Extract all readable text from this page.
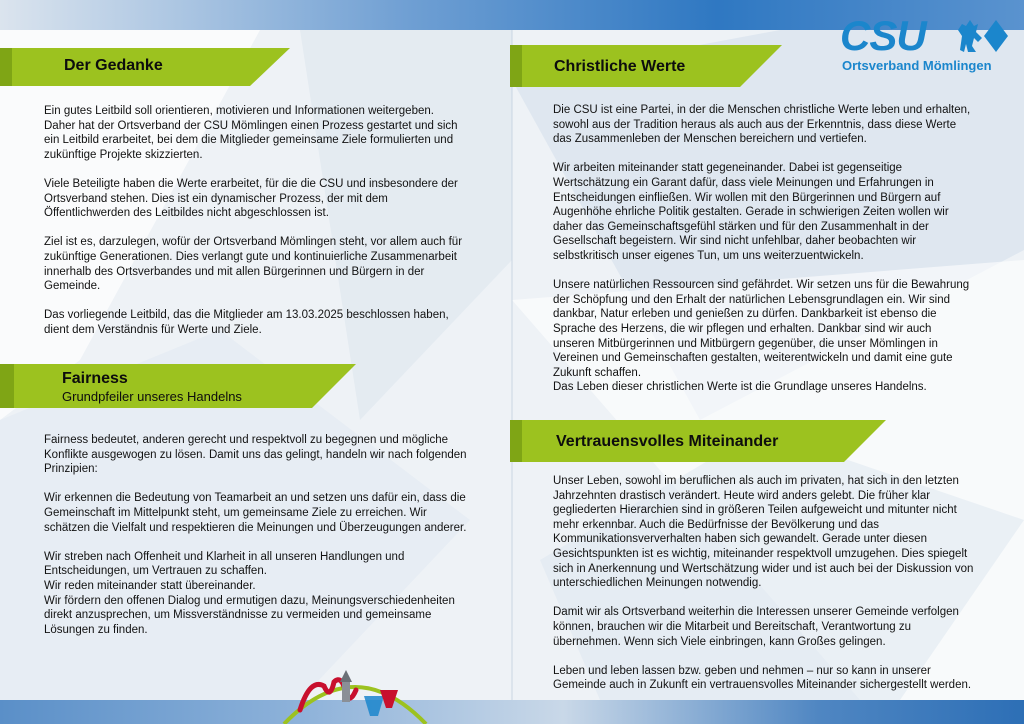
CSU
Ortsverband Mömlingen
Der Gedanke

Ein gutes Leitbild soll orientieren, motivieren und Informationen weitergeben. Daher hat der Ortsverband der CSU Mömlingen einen Prozess gestartet und sich ein Leitbild erarbeitet, bei dem die Mitglieder gemeinsame Ziele formulierten und zukünftige Projekte skizzierten.

Viele Beteiligte haben die Werte erarbeitet, für die die CSU und insbesondere der Ortsverband stehen. Dies ist ein dynamischer Prozess, der mit dem Öffentlichwerden des Leitbildes nicht abgeschlossen ist.

Ziel ist es, darzulegen, wofür der Ortsverband Mömlingen steht, vor allem auch für zukünftige Generationen. Dies verlangt gute und kontinuierliche Zusammenarbeit innerhalb des Ortsverbandes und mit allen Bürgerinnen und Bürgern in der Gemeinde.

Das vorliegende Leitbild, das die Mitglieder am 13.03.2025 beschlossen haben, dient dem Verständnis für Werte und Ziele.

Fairness
Grundpfeiler unseres Handelns

Fairness bedeutet, anderen gerecht und respektvoll zu begegnen und mögliche Konflikte ausgewogen zu lösen. Damit uns das gelingt, handeln wir nach folgenden Prinzipien:

Wir erkennen die Bedeutung von Teamarbeit an und setzen uns dafür ein, dass die Gemeinschaft im Mittelpunkt steht, um gemeinsame Ziele zu erreichen. Wir schätzen die Vielfalt und respektieren die Meinungen und Überzeugungen anderer.

Wir streben nach Offenheit und Klarheit in all unseren Handlungen und Entscheidungen, um Vertrauen zu schaffen.

Wir reden miteinander statt übereinander.

Wir fördern den offenen Dialog und ermutigen dazu, Meinungsverschiedenheiten direkt anzusprechen, um Missverständnisse zu vermeiden und gemeinsame Lösungen zu finden.

Christliche Werte

Die CSU ist eine Partei, in der die Menschen christliche Werte leben und erhalten, sowohl aus der Tradition heraus als auch aus der Erkenntnis, dass diese Werte das Zusammenleben der Menschen bereichern und vertiefen.

Wir arbeiten miteinander statt gegeneinander. Dabei ist gegenseitige Wertschätzung ein Garant dafür, dass viele Meinungen und Erfahrungen in Entscheidungen einfließen. Wir wollen mit den Bürgerinnen und Bürgern auf Augenhöhe ehrliche Politik gestalten. Gerade in schwierigen Zeiten wollen wir daher das Gemeinschaftsgefühl stärken und für den Zusammenhalt in der Gesellschaft begeistern. Wir sind nicht unfehlbar, daher beobachten wir selbstkritisch unser eigenes Tun, um uns weiterzuentwickeln.

Unsere natürlichen Ressourcen sind gefährdet. Wir setzen uns für die Bewahrung der Schöpfung und den Erhalt der natürlichen Lebensgrundlagen ein. Wir sind dankbar, Natur erleben und genießen zu dürfen. Dankbarkeit ist ebenso die Sprache des Herzens, die wir pflegen und erhalten. Dankbar sind wir auch unseren Mitbürgerinnen und Mitbürgern gegenüber, die unser Mömlingen in Vereinen und Gemeinschaften gestalten, weiterentwickeln und damit eine gute Zukunft schaffen.

Das Leben dieser christlichen Werte ist die Grundlage unseres Handelns.

Vertrauensvolles Miteinander

Unser Leben, sowohl im beruflichen als auch im privaten, hat sich in den letzten Jahrzehnten drastisch verändert. Heute wird anders gelebt. Die früher klar gegliederten Hierarchien sind in größeren Teilen aufgeweicht und mitunter nicht mehr erkennbar. Auch die Bedürfnisse der Bevölkerung und das Kommunikationsververhalten haben sich gewandelt. Gerade unter diesen Gesichtspunkten ist es wichtig, miteinander respektvoll umzugehen. Dies spiegelt sich in Anerkennung und Wertschätzung wider und ist auch bei der Diskussion von unterschiedlichen Meinungen notwendig.

Damit wir als Ortsverband weiterhin die Interessen unserer Gemeinde verfolgen können, brauchen wir die Mitarbeit und Bereitschaft, Verantwortung zu übernehmen. Wenn sich Viele einbringen, kann Großes gelingen.

Leben und leben lassen bzw. geben und nehmen – nur so kann in unserer Gemeinde auch in Zukunft ein vertrauensvolles Miteinander sichergestellt werden.
